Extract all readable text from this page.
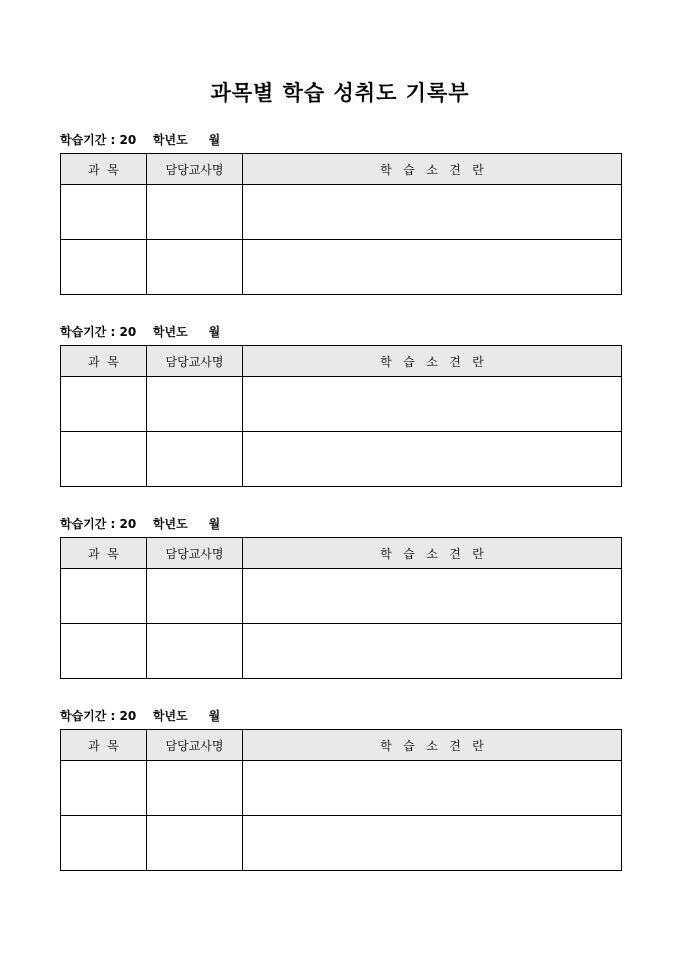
과목별 학습 성취도 기록부
학습기간 : 20    학년도     월
과  목	담당교사명	학   습   소   견   란

학습기간 : 20    학년도     월
과  목	담당교사명	학   습   소   견   란

학습기간 : 20    학년도     월
과  목	담당교사명	학   습   소   견   란

학습기간 : 20    학년도     월
과  목	담당교사명	학   습   소   견   란
